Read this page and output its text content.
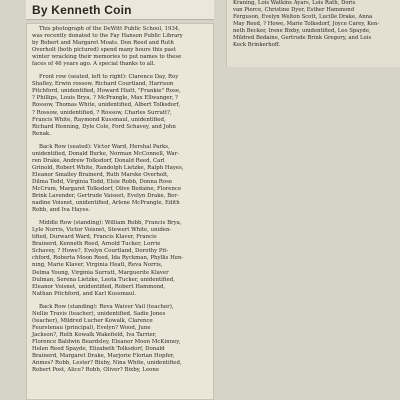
By Kenneth Coin

This photograph of the DeWitt Public School, 1934,
was recently donated to the Fay Hanson Public Library
by Robert and Margaret Moats. Don Reed and Ruth
Overholt (both pictured) spend many hours this past
winter wracking their memories to put names to these
faces of 46 years ago. A special thanks to all.

Front row (seated, left to right): Clarence Day, Roy
Shafley, Erwin rossow, Richard Courtland, Harrison
Pitchford, unidentified, Howard Hiatt, "Frankie" Rose,
? Phillips, Louis Brya, ? McPrangle, Max Ellwanger, ?
Rossow, Thomas White, unidentified, Albert Tolksdorf,
? Rossow, unidentified, ? Rossow, Charles Surratt?,
Francis White, Raymond Kussmaul, unidentified,
Richard Henning, Dyle Cole, Ford Schavey, and John
Renak.

Back Row (seated): Victor Ward, Hershal Parks,
unidentified, Donald Burke, Norman McConnell, War-
ren Drake, Andrew Tolksdorf, Donald Reed, Carl
Grinold, Robert White, Randolph Lietzke, Ralph Hayes,
Eleanor Smalley Brainerd, Ruth Marske Overholt,
Dilma Tedd, Virginia Todd, Elsie Robb, Donna Rose
McCrum, Margaret Tolksdorf, Olive Bedaine, Florence
Brink Lavender, Gertrude Vaiseet, Evelyn Drake, Ber-
nadine Voisnet, unidentified, Arlene McPrangle, Edith
Robb, and Iva Hayes.

Middle Row (standing): William Robb, Francis Brya,
Lyle Norris, Victor Voisnet, Stewert White, uniden-
tified, Durward Ward, Francis Klaver, Francis
Brainerd, Kenneth Reed, Arnold Tucker, Lorrie
Schavey, ? Howe?, Evelyn Courtland, Dorothy Pit-
chford, Roberta Moon Reed, Ida Ryckman, Phyllis Hen-
ning, Marie Klaver, Virginia Heatl, Reva Norris,
Delma Young, Virginia Surratt, Marguerite Klaver
Dulman, Serena Lietzke, Leota Tucker, unidentified,
Eleanor Voisnet, unidentified, Robert Hammond,
Nathan Pitchford, and Karl Kussmaul.

Back Row (standing): Reva Waiver Vail (teacher),
Nellie Travis (teacher), unidentified, Sadie Jones
(teacher), Mildred Lucher Kowalk, Clarence
Feurstenau (principal), Evelyn? Wood, June
Jackson?, Ruth Kowalk Wakefield, Iva Tarrier,
Florence Baldwin Beardsley, Eleanor Moon McKinney,
Helen Reed Spayde, Elizabeth Tolksdorf, Donald
Brainerd, Margaret Drake, Marjorie Florian Hopfer,
Anmes? Robb, Lester? Bixby, Nina White, unidentified,
Robert Post, Alice? Robb, Oliver? Bixby, Leone

Kraning, Lois Watkins Ayars, Lois Rath, Doris
van Pierce, Christine Dyer, Esther Hammond
Ferguson, Evelyn Welton Scott, Lucille Drake, Anna
May Reed, ? Howe, Marie Tolksdorf, Joyce Carey, Ken-
neth Becker, Irene Bixby, unidentified, Leo Spayde,
Mildred Bedaine, Gertrude Brink Gregory, and Lois
Keck Brinkerhoff.
